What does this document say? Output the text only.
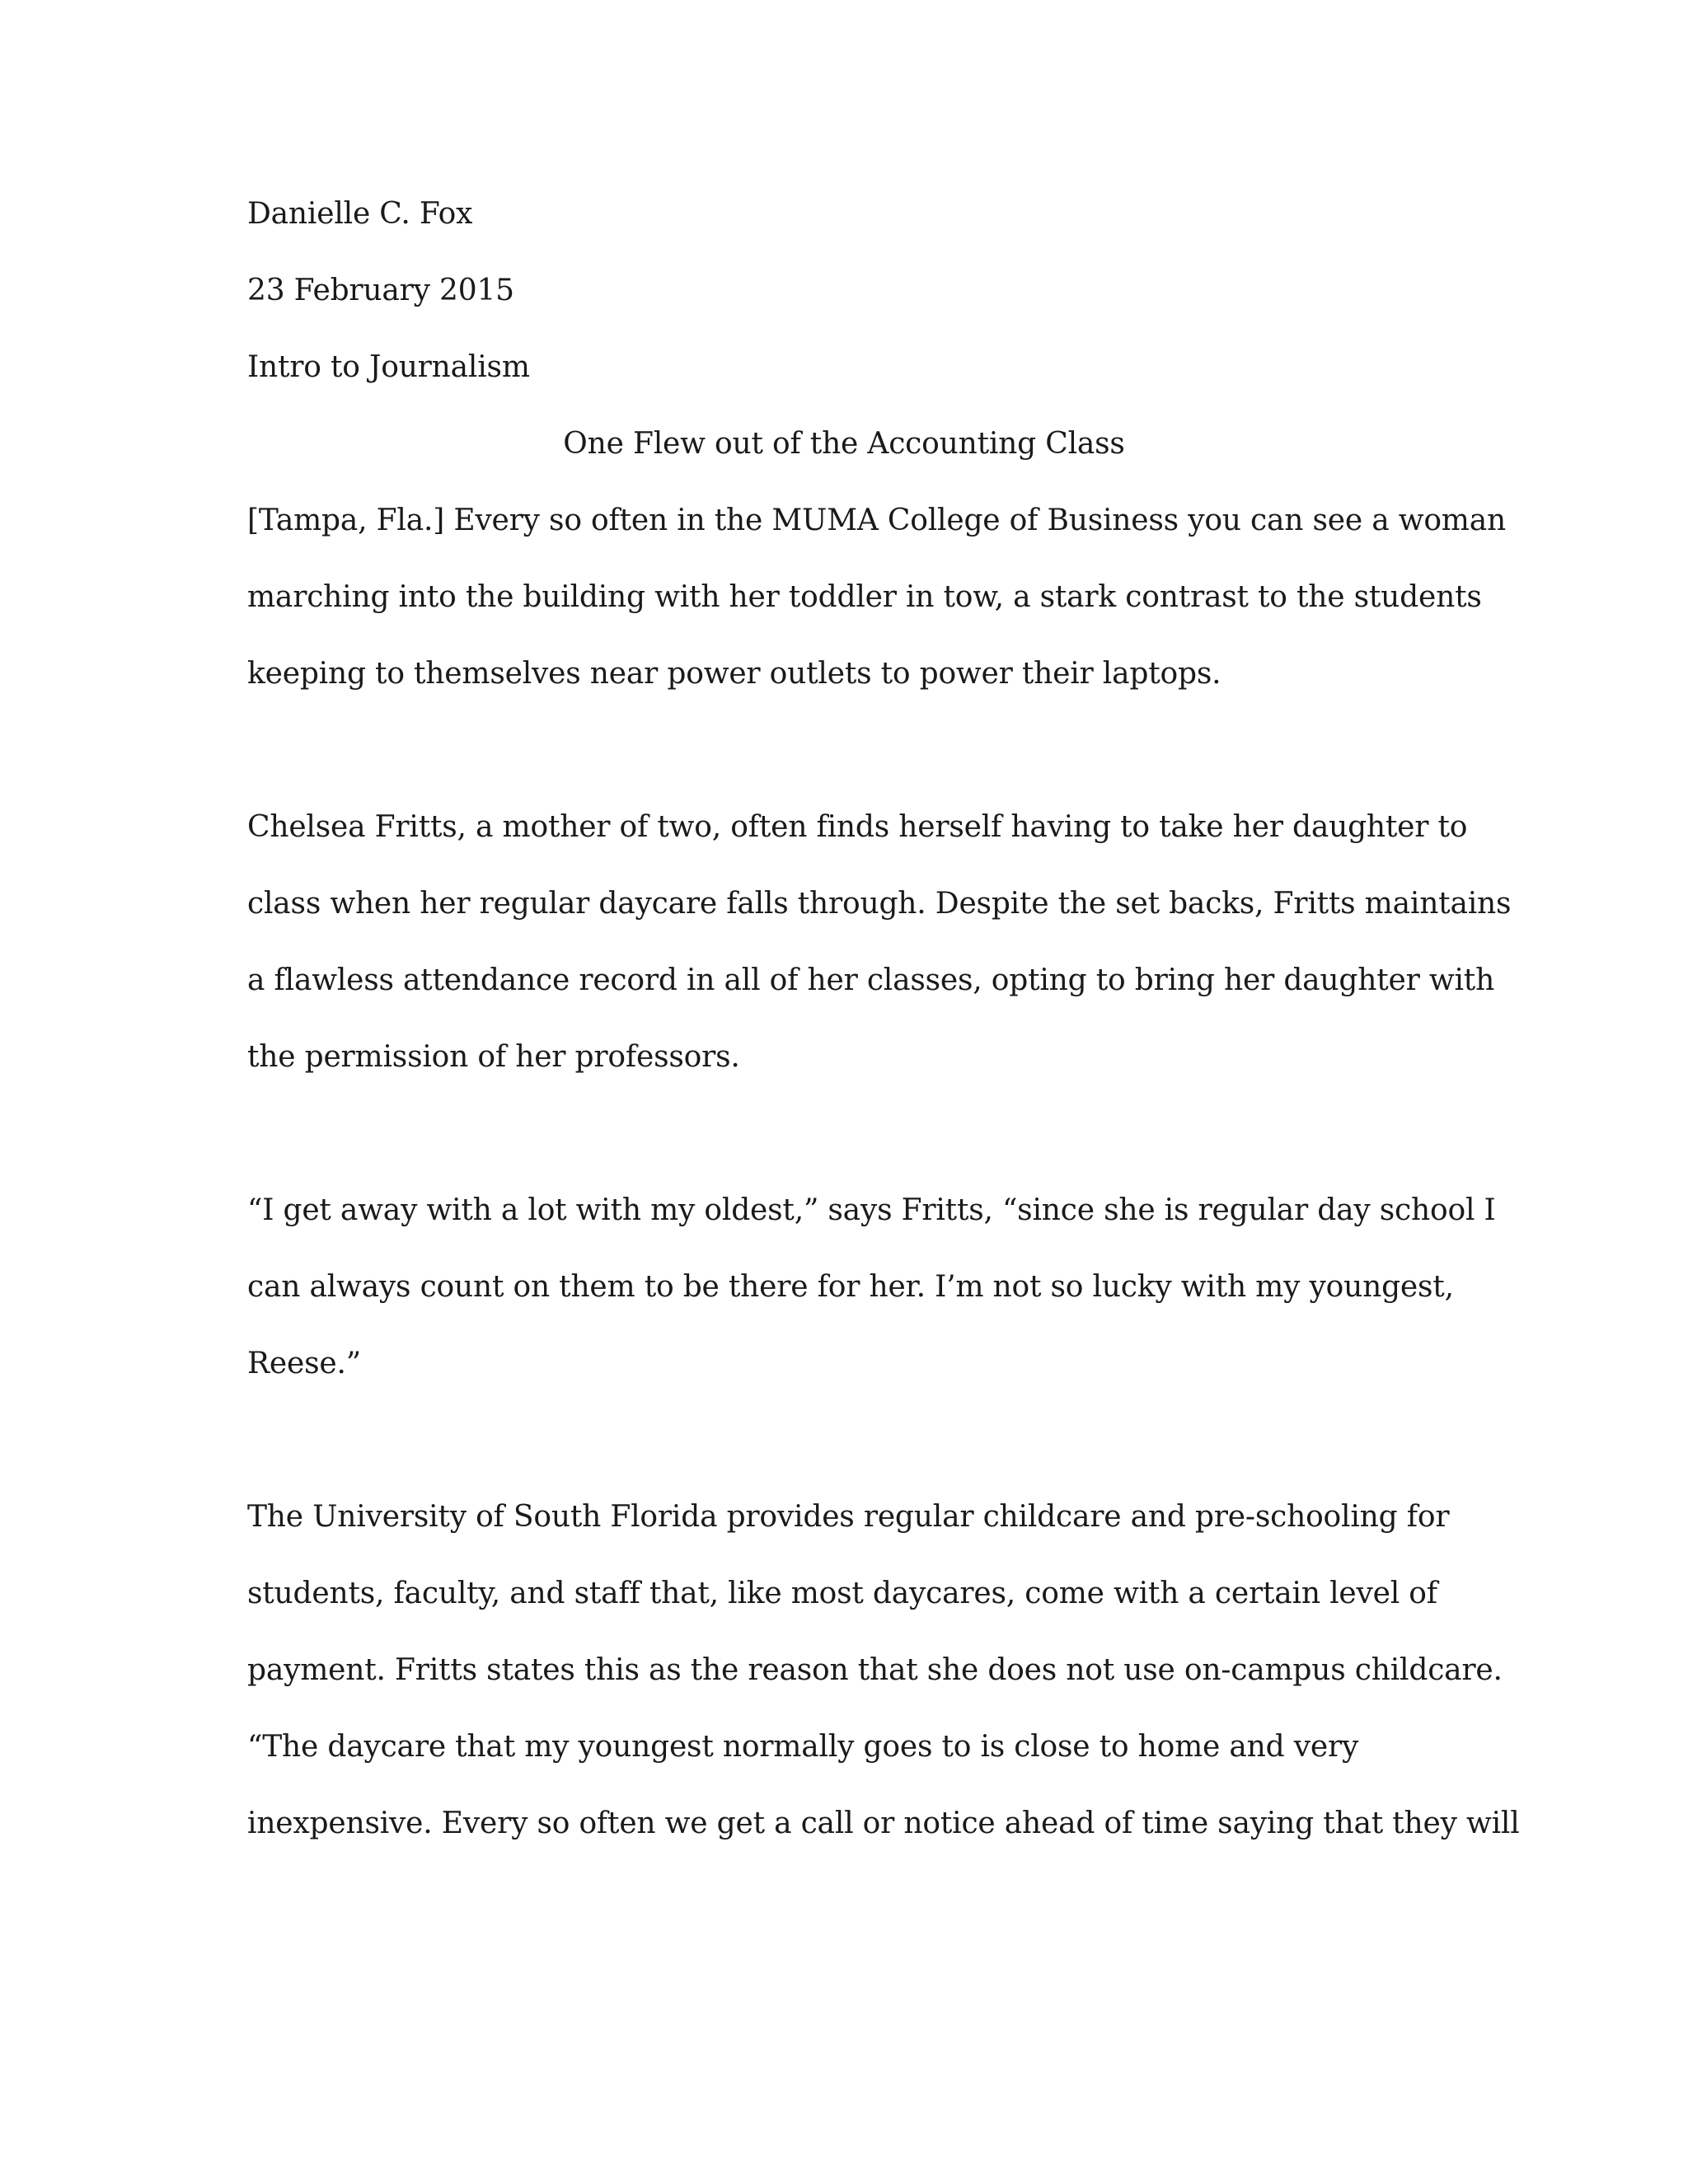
Danielle C. Fox
23 February 2015
Intro to Journalism
One Flew out of the Accounting Class
[Tampa, Fla.] Every so often in the MUMA College of Business you can see a woman
marching into the building with her toddler in tow, a stark contrast to the students
keeping to themselves near power outlets to power their laptops.
Chelsea Fritts, a mother of two, often finds herself having to take her daughter to
class when her regular daycare falls through. Despite the set backs, Fritts maintains
a flawless attendance record in all of her classes, opting to bring her daughter with
the permission of her professors.
“I get away with a lot with my oldest,” says Fritts, “since she is regular day school I
can always count on them to be there for her. I’m not so lucky with my youngest,
Reese.”
The University of South Florida provides regular childcare and pre-schooling for
students, faculty, and staff that, like most daycares, come with a certain level of
payment. Fritts states this as the reason that she does not use on-campus childcare.
“The daycare that my youngest normally goes to is close to home and very
inexpensive. Every so often we get a call or notice ahead of time saying that they will
